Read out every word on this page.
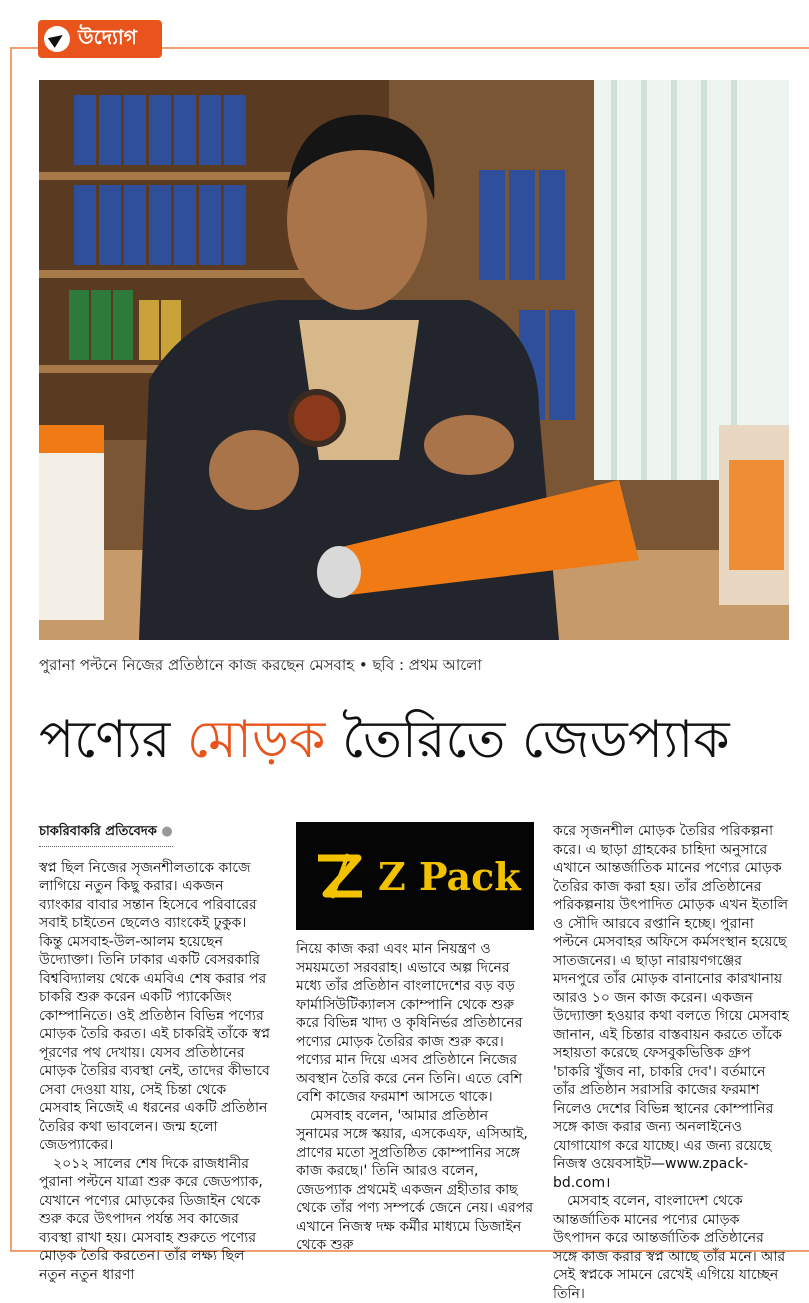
উদ্যোগ
পুরানা পল্টনে নিজের প্রতিষ্ঠানে কাজ করছেন মেসবাহ • ছবি : প্রথম আলো
পণ্যের মোড়ক তৈরিতে জেডপ্যাক
চাকরিবাকরি প্রতিবেদক ●

স্বপ্ন ছিল নিজের সৃজনশীলতাকে কাজে লাগিয়ে নতুন কিছু করার। একজন ব্যাংকার বাবার সন্তান হিসেবে পরিবারের সবাই চাইতেন ছেলেও ব্যাংকেই ঢুকুক। কিন্তু মেসবাহ-উল-আলম হয়েছেন উদ্যোক্তা। তিনি ঢাকার একটি বেসরকারি বিশ্ববিদ্যালয় থেকে এমবিএ শেষ করার পর চাকরি শুরু করেন একটি প্যাকেজিং কোম্পানিতে। ওই প্রতিষ্ঠান বিভিন্ন পণ্যের মোড়ক তৈরি করত। এই চাকরিই তাঁকে স্বপ্ন পূরণের পথ দেখায়। যেসব প্রতিষ্ঠানের মোড়ক তৈরির ব্যবস্থা নেই, তাদের কীভাবে সেবা দেওয়া যায়, সেই চিন্তা থেকে মেসবাহ নিজেই এ ধরনের একটি প্রতিষ্ঠান তৈরির কথা ভাবলেন। জন্ম হলো জেডপ্যাকের।

২০১২ সালের শেষ দিকে রাজধানীর পুরানা পল্টনে যাত্রা শুরু করে জেডপ্যাক, যেখানে পণ্যের মোড়কের ডিজাইন থেকে শুরু করে উৎপাদন পর্যন্ত সব কাজের ব্যবস্থা রাখা হয়। মেসবাহ শুরুতে পণ্যের মোড়ক তৈরি করতেন। তাঁর লক্ষ্য ছিল নতুন নতুন ধারণা

Z Pack

নিয়ে কাজ করা এবং মান নিয়ন্ত্রণ ও সময়মতো সরবরাহ। এভাবে অল্প দিনের মধ্যে তাঁর প্রতিষ্ঠান বাংলাদেশের বড় বড় ফার্মাসিউটিক্যালস কোম্পানি থেকে শুরু করে বিভিন্ন খাদ্য ও কৃষিনির্ভর প্রতিষ্ঠানের পণ্যের মোড়ক তৈরির কাজ শুরু করে। পণ্যের মান দিয়ে এসব প্রতিষ্ঠানে নিজের অবস্থান তৈরি করে নেন তিনি। এতে বেশি বেশি কাজের ফরমাশ আসতে থাকে।

মেসবাহ বলেন, 'আমার প্রতিষ্ঠান সুনামের সঙ্গে স্কয়ার, এসকেএফ, এসিআই, প্রাণের মতো সুপ্রতিষ্ঠিত কোম্পানির সঙ্গে কাজ করছে।' তিনি আরও বলেন, জেডপ্যাক প্রথমেই একজন গ্রহীতার কাছ থেকে তাঁর পণ্য সম্পর্কে জেনে নেয়। এরপর এখানে নিজস্ব দক্ষ কর্মীর মাধ্যমে ডিজাইন থেকে শুরু

করে সৃজনশীল মোড়ক তৈরির পরিকল্পনা করে। এ ছাড়া গ্রাহকের চাহিদা অনুসারে এখানে আন্তর্জাতিক মানের পণ্যের মোড়ক তৈরির কাজ করা হয়। তাঁর প্রতিষ্ঠানের পরিকল্পনায় উৎপাদিত মোড়ক এখন ইতালি ও সৌদি আরবে রপ্তানি হচ্ছে। পুরানা পল্টনে মেসবাহর অফিসে কর্মসংস্থান হয়েছে সাতজনের। এ ছাড়া নারায়ণগঞ্জের মদনপুরে তাঁর মোড়ক বানানোর কারখানায় আরও ১০ জন কাজ করেন। একজন উদ্যোক্তা হওয়ার কথা বলতে গিয়ে মেসবাহ জানান, এই চিন্তার বাস্তবায়ন করতে তাঁকে সহায়তা করেছে ফেসবুকভিত্তিক গ্রুপ 'চাকরি খুঁজব না, চাকরি দেব'। বর্তমানে তাঁর প্রতিষ্ঠান সরাসরি কাজের ফরমাশ নিলেও দেশের বিভিন্ন স্থানের কোম্পানির সঙ্গে কাজ করার জন্য অনলাইনেও যোগাযোগ করে যাচ্ছে। এর জন্য রয়েছে নিজস্ব ওয়েবসাইট—www.zpack-bd.com।

মেসবাহ বলেন, বাংলাদেশ থেকে আন্তর্জাতিক মানের পণ্যের মোড়ক উৎপাদন করে আন্তর্জাতিক প্রতিষ্ঠানের সঙ্গে কাজ করার স্বপ্ন আছে তাঁর মনে। আর সেই স্বপ্নকে সামনে রেখেই এগিয়ে যাচ্ছেন তিনি।
